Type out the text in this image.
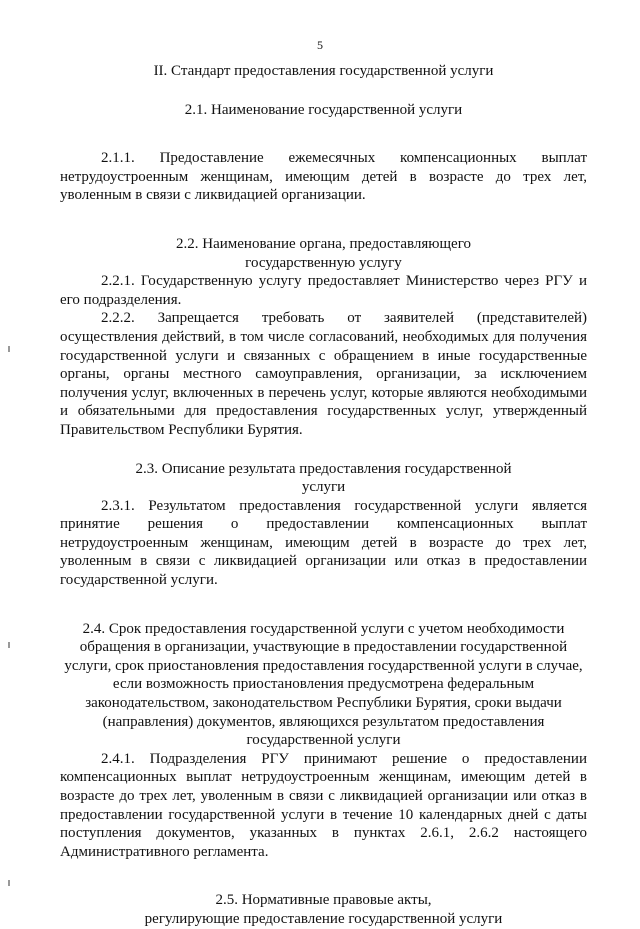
5

II. Стандарт предоставления государственной услуги

2.1. Наименование государственной услуги

2.1.1. Предоставление ежемесячных компенсационных выплат нетрудоустроенным женщинам, имеющим детей в возрасте до трех лет, уволенным в связи с ликвидацией организации.

2.2. Наименование органа, предоставляющего

государственную услугу

2.2.1. Государственную услугу предоставляет Министерство через РГУ и его подразделения.

2.2.2. Запрещается требовать от заявителей (представителей) осуществления действий, в том числе согласований, необходимых для получения государственной услуги и связанных с обращением в иные государственные органы, органы местного самоуправления, организации, за исключением получения услуг, включенных в перечень услуг, которые являются необходимыми и обязательными для предоставления государственных услуг, утвержденный Правительством Республики Бурятия.

2.3. Описание результата предоставления государственной

услуги

2.3.1. Результатом предоставления государственной услуги является принятие решения о предоставлении компенсационных выплат нетрудоустроенным женщинам, имеющим детей в возрасте до трех лет, уволенным в связи с ликвидацией организации или отказ в предоставлении государственной услуги.

2.4. Срок предоставления государственной услуги с учетом необходимости

обращения в организации, участвующие в предоставлении государственной

услуги, срок приостановления предоставления государственной услуги в случае,

если возможность приостановления предусмотрена федеральным

законодательством, законодательством Республики Бурятия, сроки выдачи

(направления) документов, являющихся результатом предоставления

государственной услуги

2.4.1. Подразделения РГУ принимают решение о предоставлении компенсационных выплат нетрудоустроенным женщинам, имеющим детей в возрасте до трех лет, уволенным в связи с ликвидацией организации или отказ в предоставлении государственной услуги в течение 10 календарных дней с даты поступления документов, указанных в пунктах 2.6.1, 2.6.2 настоящего Административного регламента.

2.5. Нормативные правовые акты,

регулирующие предоставление государственной услуги
